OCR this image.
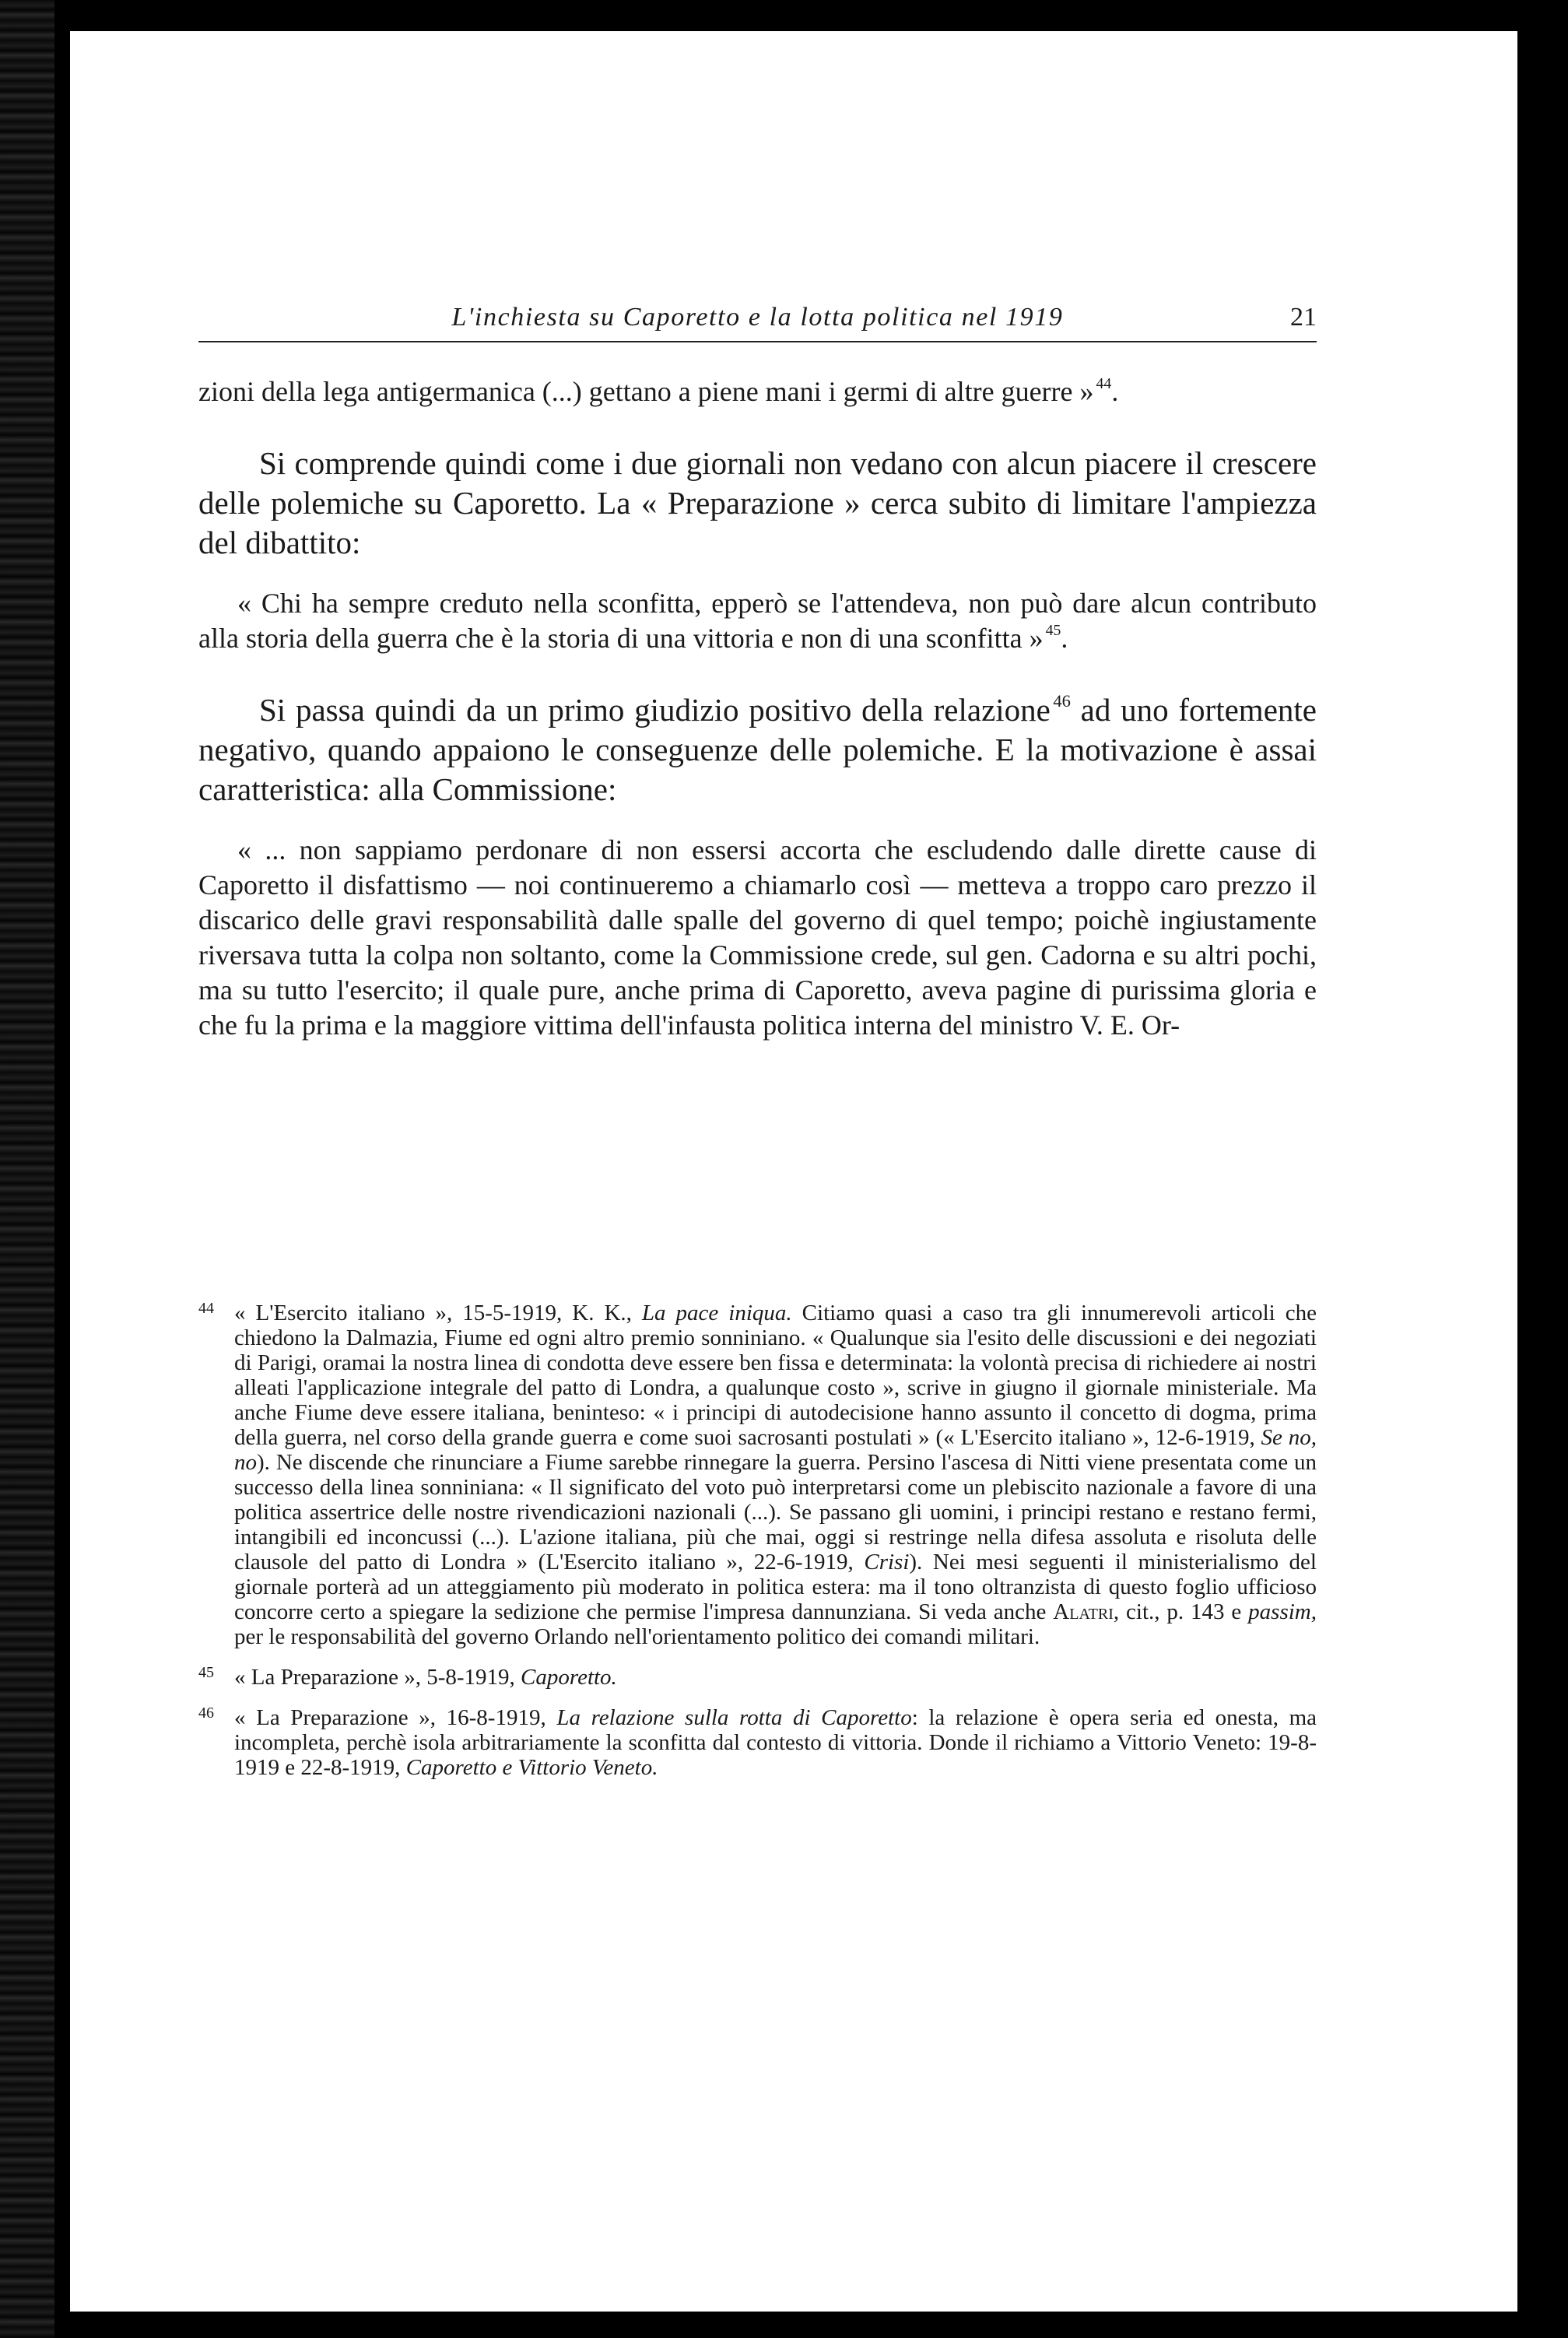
L'inchiesta su Caporetto e la lotta politica nel 1919	21

zioni della lega antigermanica (...) gettano a piene mani i germi di altre guerre »  $^{44}$.

Si comprende quindi come i due giornali non vedano con alcun piacere il crescere delle polemiche su Caporetto. La « Preparazione » cerca subito di limitare l'ampiezza del dibattito:

« Chi ha sempre creduto nella sconfitta, epperò se l'attendeva, non può dare alcun contributo alla storia della guerra che è la storia di una vittoria e non di una sconfitta »  $^{45}$.

Si passa quindi da un primo giudizio positivo della relazione  $^{46}$ ad uno fortemente negativo, quando appaiono le conseguenze delle polemiche. E la motivazione è assai caratteristica: alla Commissione:

« ... non sappiamo perdonare di non essersi accorta che escludendo dalle dirette cause di Caporetto il disfattismo — noi continueremo a chiamarlo così — metteva a troppo caro prezzo il discarico delle gravi responsabilità dalle spalle del governo di quel tempo; poichè ingiustamente riversava tutta la colpa non soltanto, come la Commissione crede, sul gen. Cadorna e su altri pochi, ma su tutto l'esercito; il quale pure, anche prima di Caporetto, aveva pagine di purissima gloria e che fu la prima e la maggiore vittima dell'infausta politica interna del ministro V. E. Or-

44 « L'Esercito italiano », 15-5-1919, K. K., La pace iniqua. Citiamo quasi a caso tra gli innumerevoli articoli che chiedono la Dalmazia, Fiume ed ogni altro premio sonniniano. « Qualunque sia l'esito delle discussioni e dei negoziati di Parigi, oramai la nostra linea di condotta deve essere ben fissa e determinata: la volontà precisa di richiedere ai nostri alleati l'applicazione integrale del patto di Londra, a qualunque costo », scrive in giugno il giornale ministeriale. Ma anche Fiume deve essere italiana, beninteso: « i principi di autodecisione hanno assunto il concetto di dogma, prima della guerra, nel corso della grande guerra e come suoi sacrosanti postulati » (« L'Esercito italiano », 12-6-1919, Se no, no). Ne discende che rinunciare a Fiume sarebbe rinnegare la guerra. Persino l'ascesa di Nitti viene presentata come un successo della linea sonniniana: « Il significato del voto può interpretarsi come un plebiscito nazionale a favore di una politica assertrice delle nostre rivendicazioni nazionali (...). Se passano gli uomini, i principi restano e restano fermi, intangibili ed inconcussi (...). L'azione italiana, più che mai, oggi si restringe nella difesa assoluta e risoluta delle clausole del patto di Londra » (L'Esercito italiano », 22-6-1919, Crisi). Nei mesi seguenti il ministerialismo del giornale porterà ad un atteggiamento più moderato in politica estera: ma il tono oltranzista di questo foglio ufficioso concorre certo a spiegare la sedizione che permise l'impresa dannunziana. Si veda anche Alatri, cit., p. 143 e passim, per le responsabilità del governo Orlando nell'orientamento politico dei comandi militari.

45 « La Preparazione », 5-8-1919, Caporetto.

46 « La Preparazione », 16-8-1919, La relazione sulla rotta di Caporetto: la relazione è opera seria ed onesta, ma incompleta, perchè isola arbitrariamente la sconfitta dal contesto di vittoria. Donde il richiamo a Vittorio Veneto: 19-8-1919 e 22-8-1919, Caporetto e Vittorio Veneto.
